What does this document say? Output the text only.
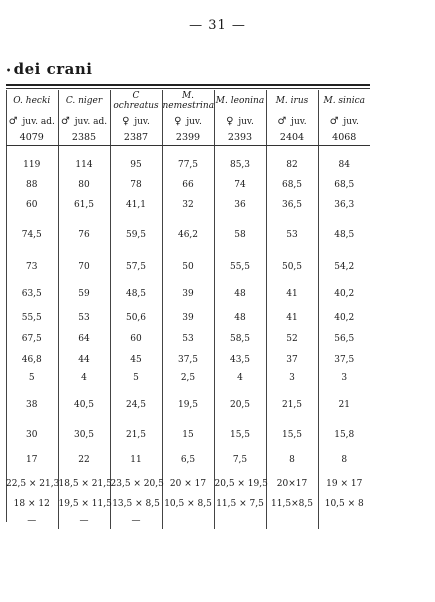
— 31 —
• dei crani
O. hecki	C. niger	C ochreatus	M. nemestrina	M. leonina	M. irus	M. sinica
♂ juv. ad.	♂ juv. ad.	♀ juv.	♀ juv.	♀ juv.	♂ juv.	♂ juv.
4079	2385	2387	2399	2393	2404	4068

119	114	95	77,5	85,3	82	84
88	80	78	66	74	68,5	68,5
60	61,5	41,1	32	36	36,5	36,3
74,5	76	59,5	46,2	58	53	48,5
73	70	57,5	50	55,5	50,5	54,2
63,5	59	48,5	39	48	41	40,2
55,5	53	50,6	39	48	41	40,2
67,5	64	60	53	58,5	52	56,5
46,8	44	45	37,5	43,5	37	37,5
5	4	5	2,5	4	3	3
38	40,5	24,5	19,5	20,5	21,5	21
30	30,5	21,5	15	15,5	15,5	15,8
17	22	11	6,5	7,5	8	8
22,5 × 21,3	18,5 × 21,5	23,5 × 20,5	20 × 17	20,5 × 19,5	20×17	19 × 17
18 × 12	19,5 × 11,5	13,5 × 8,5	10,5 × 8,5	11,5 × 7,5	11,5×8,5	10,5 × 8
—	—	—				
